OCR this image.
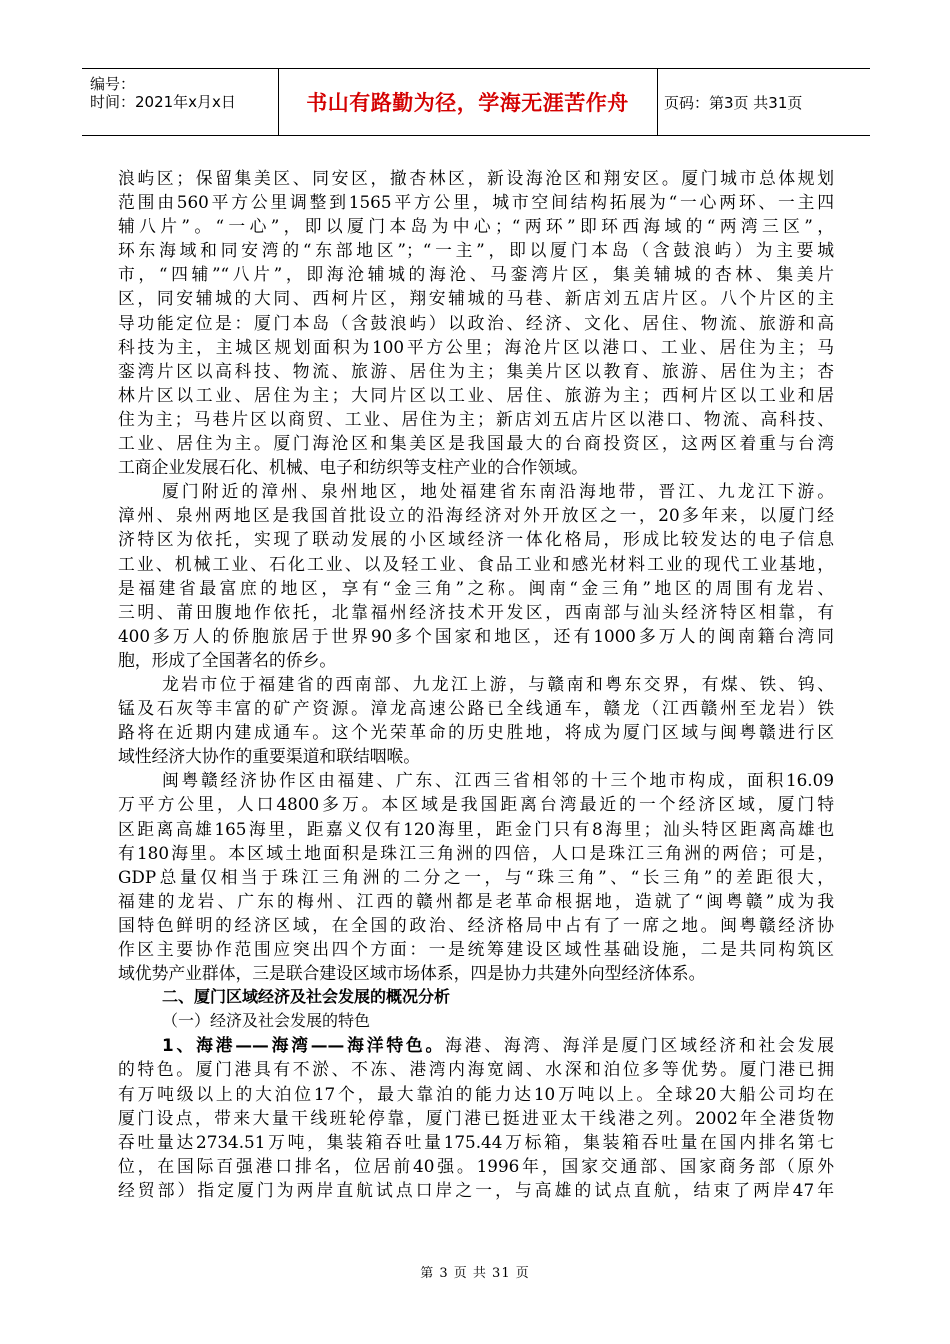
编号：
时间：2021年x月x日	书山有路勤为径，学海无涯苦作舟	页码：第3页 共31页
浪屿区；保留集美区、同安区，撤杏林区，新设海沧区和翔安区。厦门城市总体规划
范围由560平方公里调整到1565平方公里，城市空间结构拓展为“一心两环、一主四
辅八片”。“一心”，即以厦门本岛为中心；“两环”即环西海域的“两湾三区”，
环东海域和同安湾的“东部地区”；“一主”，即以厦门本岛（含鼓浪屿）为主要城
市，“四辅”“八片”，即海沧辅城的海沧、马銮湾片区，集美辅城的杏林、集美片
区，同安辅城的大同、西柯片区，翔安辅城的马巷、新店刘五店片区。八个片区的主
导功能定位是：厦门本岛（含鼓浪屿）以政治、经济、文化、居住、物流、旅游和高
科技为主，主城区规划面积为100平方公里；海沧片区以港口、工业、居住为主；马
銮湾片区以高科技、物流、旅游、居住为主；集美片区以教育、旅游、居住为主；杏
林片区以工业、居住为主；大同片区以工业、居住、旅游为主；西柯片区以工业和居
住为主；马巷片区以商贸、工业、居住为主；新店刘五店片区以港口、物流、高科技、
工业、居住为主。厦门海沧区和集美区是我国最大的台商投资区，这两区着重与台湾
工商企业发展石化、机械、电子和纺织等支柱产业的合作领域。
厦门附近的漳州、泉州地区，地处福建省东南沿海地带，晋江、九龙江下游。
漳州、泉州两地区是我国首批设立的沿海经济对外开放区之一，20多年来，以厦门经
济特区为依托，实现了联动发展的小区域经济一体化格局，形成比较发达的电子信息
工业、机械工业、石化工业、以及轻工业、食品工业和感光材料工业的现代工业基地，
是福建省最富庶的地区，享有“金三角”之称。闽南“金三角”地区的周围有龙岩、
三明、莆田腹地作依托，北靠福州经济技术开发区，西南部与汕头经济特区相靠，有
400多万人的侨胞旅居于世界90多个国家和地区，还有1000多万人的闽南籍台湾同
胞，形成了全国著名的侨乡。
龙岩市位于福建省的西南部、九龙江上游，与赣南和粤东交界，有煤、铁、钨、
锰及石灰等丰富的矿产资源。漳龙高速公路已全线通车，赣龙（江西赣州至龙岩）铁
路将在近期内建成通车。这个光荣革命的历史胜地，将成为厦门区域与闽粤赣进行区
域性经济大协作的重要渠道和联结咽喉。
闽粤赣经济协作区由福建、广东、江西三省相邻的十三个地市构成，面积16.09
万平方公里，人口4800多万。本区域是我国距离台湾最近的一个经济区域，厦门特
区距离高雄165海里，距嘉义仅有120海里，距金门只有8海里；汕头特区距离高雄也
有180海里。本区域土地面积是珠江三角洲的四倍，人口是珠江三角洲的两倍；可是，
GDP总量仅相当于珠江三角洲的二分之一，与“珠三角”、“长三角”的差距很大，
福建的龙岩、广东的梅州、江西的赣州都是老革命根据地，造就了“闽粤赣”成为我
国特色鲜明的经济区域，在全国的政治、经济格局中占有了一席之地。闽粤赣经济协
作区主要协作范围应突出四个方面：一是统筹建设区域性基础设施，二是共同构筑区
域优势产业群体，三是联合建设区域市场体系，四是协力共建外向型经济体系。
二、厦门区域经济及社会发展的概况分析
（一）经济及社会发展的特色
1、海港——海湾——海洋特色。海港、海湾、海洋是厦门区域经济和社会发展
的特色。厦门港具有不淤、不冻、港湾内海宽阔、水深和泊位多等优势。厦门港已拥
有万吨级以上的大泊位17个，最大靠泊的能力达10万吨以上。全球20大船公司均在
厦门设点，带来大量干线班轮停靠，厦门港已挺进亚太干线港之列。2002年全港货物
吞吐量达2734.51万吨，集装箱吞吐量175.44万标箱，集装箱吞吐量在国内排名第七
位，在国际百强港口排名，位居前40强。1996年，国家交通部、国家商务部（原外
经贸部）指定厦门为两岸直航试点口岸之一，与高雄的试点直航，结束了两岸47年
第 3 页 共 31 页
